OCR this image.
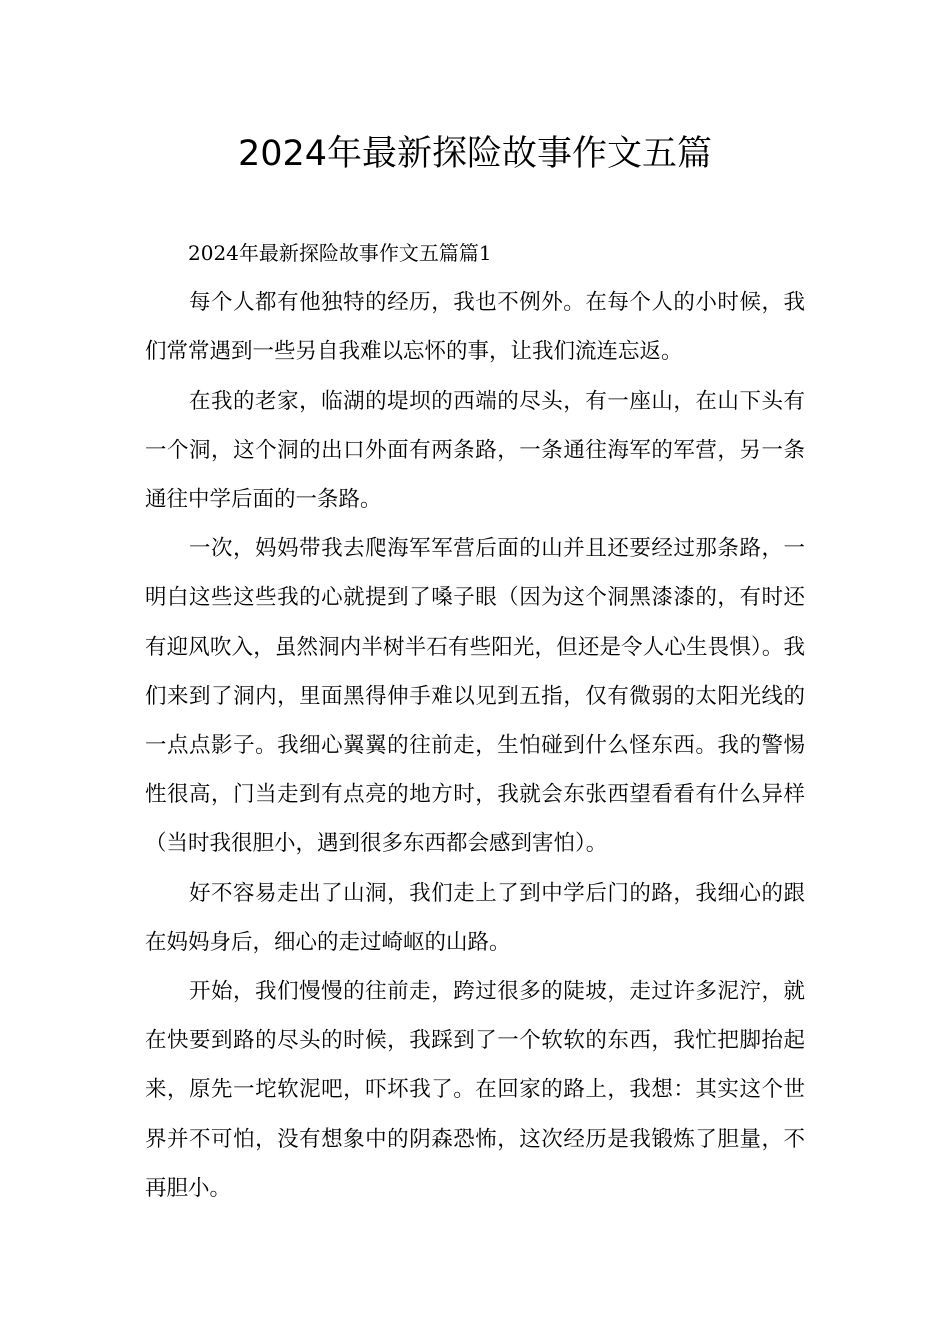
2024年最新探险故事作文五篇

2024年最新探险故事作文五篇篇1

每个人都有他独特的经历，我也不例外。在每个人的小时候，我们常常遇到一些另自我难以忘怀的事，让我们流连忘返。

在我的老家，临湖的堤坝的西端的尽头，有一座山，在山下头有一个洞，这个洞的出口外面有两条路，一条通往海军的军营，另一条通往中学后面的一条路。

一次，妈妈带我去爬海军军营后面的山并且还要经过那条路，一明白这些这些我的心就提到了嗓子眼（因为这个洞黑漆漆的，有时还有迎风吹入，虽然洞内半树半石有些阳光，但还是令人心生畏惧）。我们来到了洞内，里面黑得伸手难以见到五指，仅有微弱的太阳光线的一点点影子。我细心翼翼的往前走，生怕碰到什么怪东西。我的警惕性很高，门当走到有点亮的地方时，我就会东张西望看看有什么异样（当时我很胆小，遇到很多东西都会感到害怕）。

好不容易走出了山洞，我们走上了到中学后门的路，我细心的跟在妈妈身后，细心的走过崎岖的山路。

开始，我们慢慢的往前走，跨过很多的陡坡，走过许多泥泞，就在快要到路的尽头的时候，我踩到了一个软软的东西，我忙把脚抬起来，原先一坨软泥吧，吓坏我了。在回家的路上，我想：其实这个世界并不可怕，没有想象中的阴森恐怖，这次经历是我锻炼了胆量，不再胆小。
